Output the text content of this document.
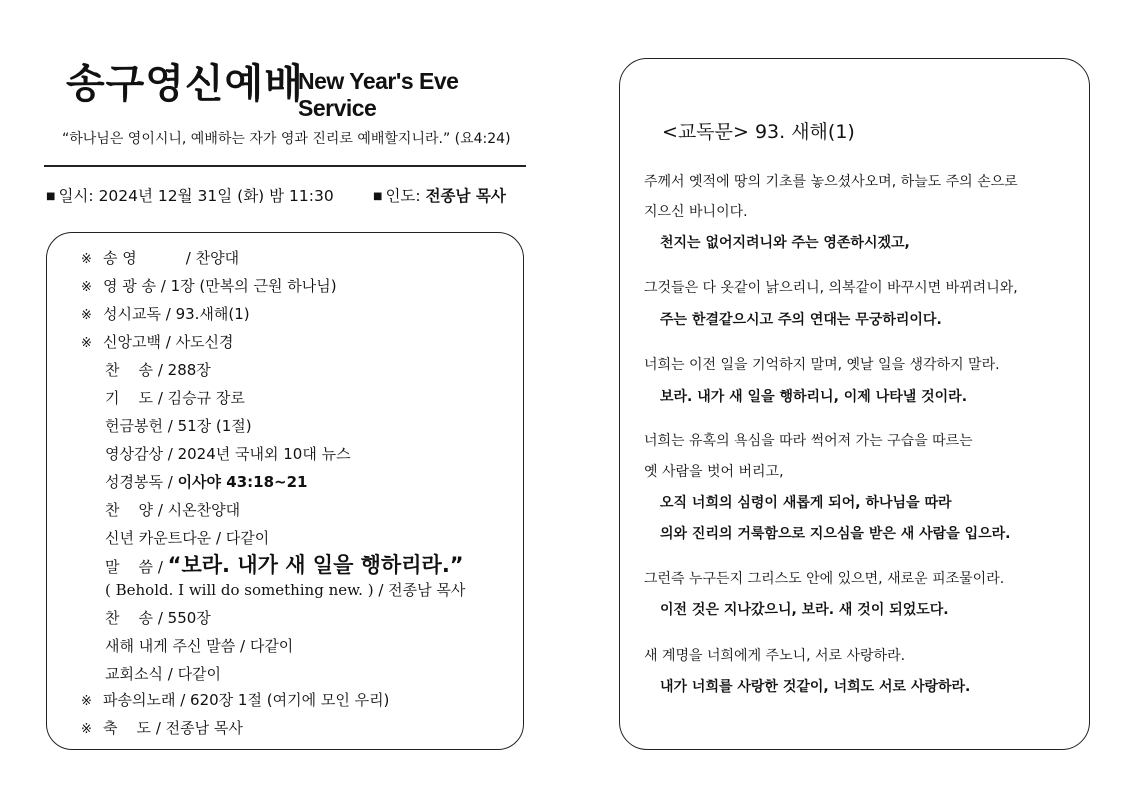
송구영신예배
New Year's Eve Service
“하나님은 영이시니, 예배하는 자가 영과 진리로 예배할지니라.” (요4:24)
■ 일시: 2024년 12월 31일 (화) 밤 11:30	■ 인도: 전종남 목사
※ 송 영	/ 찬양대
※ 영 광 송 / 1장 (만복의 근원 하나님)
※ 성시교독 / 93.새해(1)
※ 신앙고백 / 사도신경
찬    송 / 288장
기    도 / 김승규 장로
헌금봉헌 / 51장 (1절)
영상감상 / 2024년 국내외 10대 뉴스
성경봉독 / 이사야 43:18~21
찬    양 / 시온찬양대
신년 카운트다운 / 다같이
말    씀 / “보라. 내가 새 일을 행하리라.”
( Behold. I will do something new. ) / 전종남 목사
찬    송 / 550장
새해 내게 주신 말씀 / 다같이
교회소식 / 다같이
※ 파송의노래 / 620장 1절 (여기에 모인 우리)
※ 축    도 / 전종남 목사
<교독문> 93. 새해(1)
주께서 옛적에 땅의 기초를 놓으셨사오며, 하늘도 주의 손으로
지으신 바니이다.
천지는 없어지려니와 주는 영존하시겠고,
그것들은 다 옷같이 낡으리니, 의복같이 바꾸시면 바뀌려니와,
주는 한결같으시고 주의 연대는 무궁하리이다.
너희는 이전 일을 기억하지 말며, 옛날 일을 생각하지 말라.
보라. 내가 새 일을 행하리니, 이제 나타낼 것이라.
너희는 유혹의 욕심을 따라 썩어져 가는 구습을 따르는
옛 사람을 벗어 버리고,
오직 너희의 심령이 새롭게 되어, 하나님을 따라
의와 진리의 거룩함으로 지으심을 받은 새 사람을 입으라.
그런즉 누구든지 그리스도 안에 있으면, 새로운 피조물이라.
이전 것은 지나갔으니, 보라. 새 것이 되었도다.
새 계명을 너희에게 주노니, 서로 사랑하라.
내가 너희를 사랑한 것같이, 너희도 서로 사랑하라.
